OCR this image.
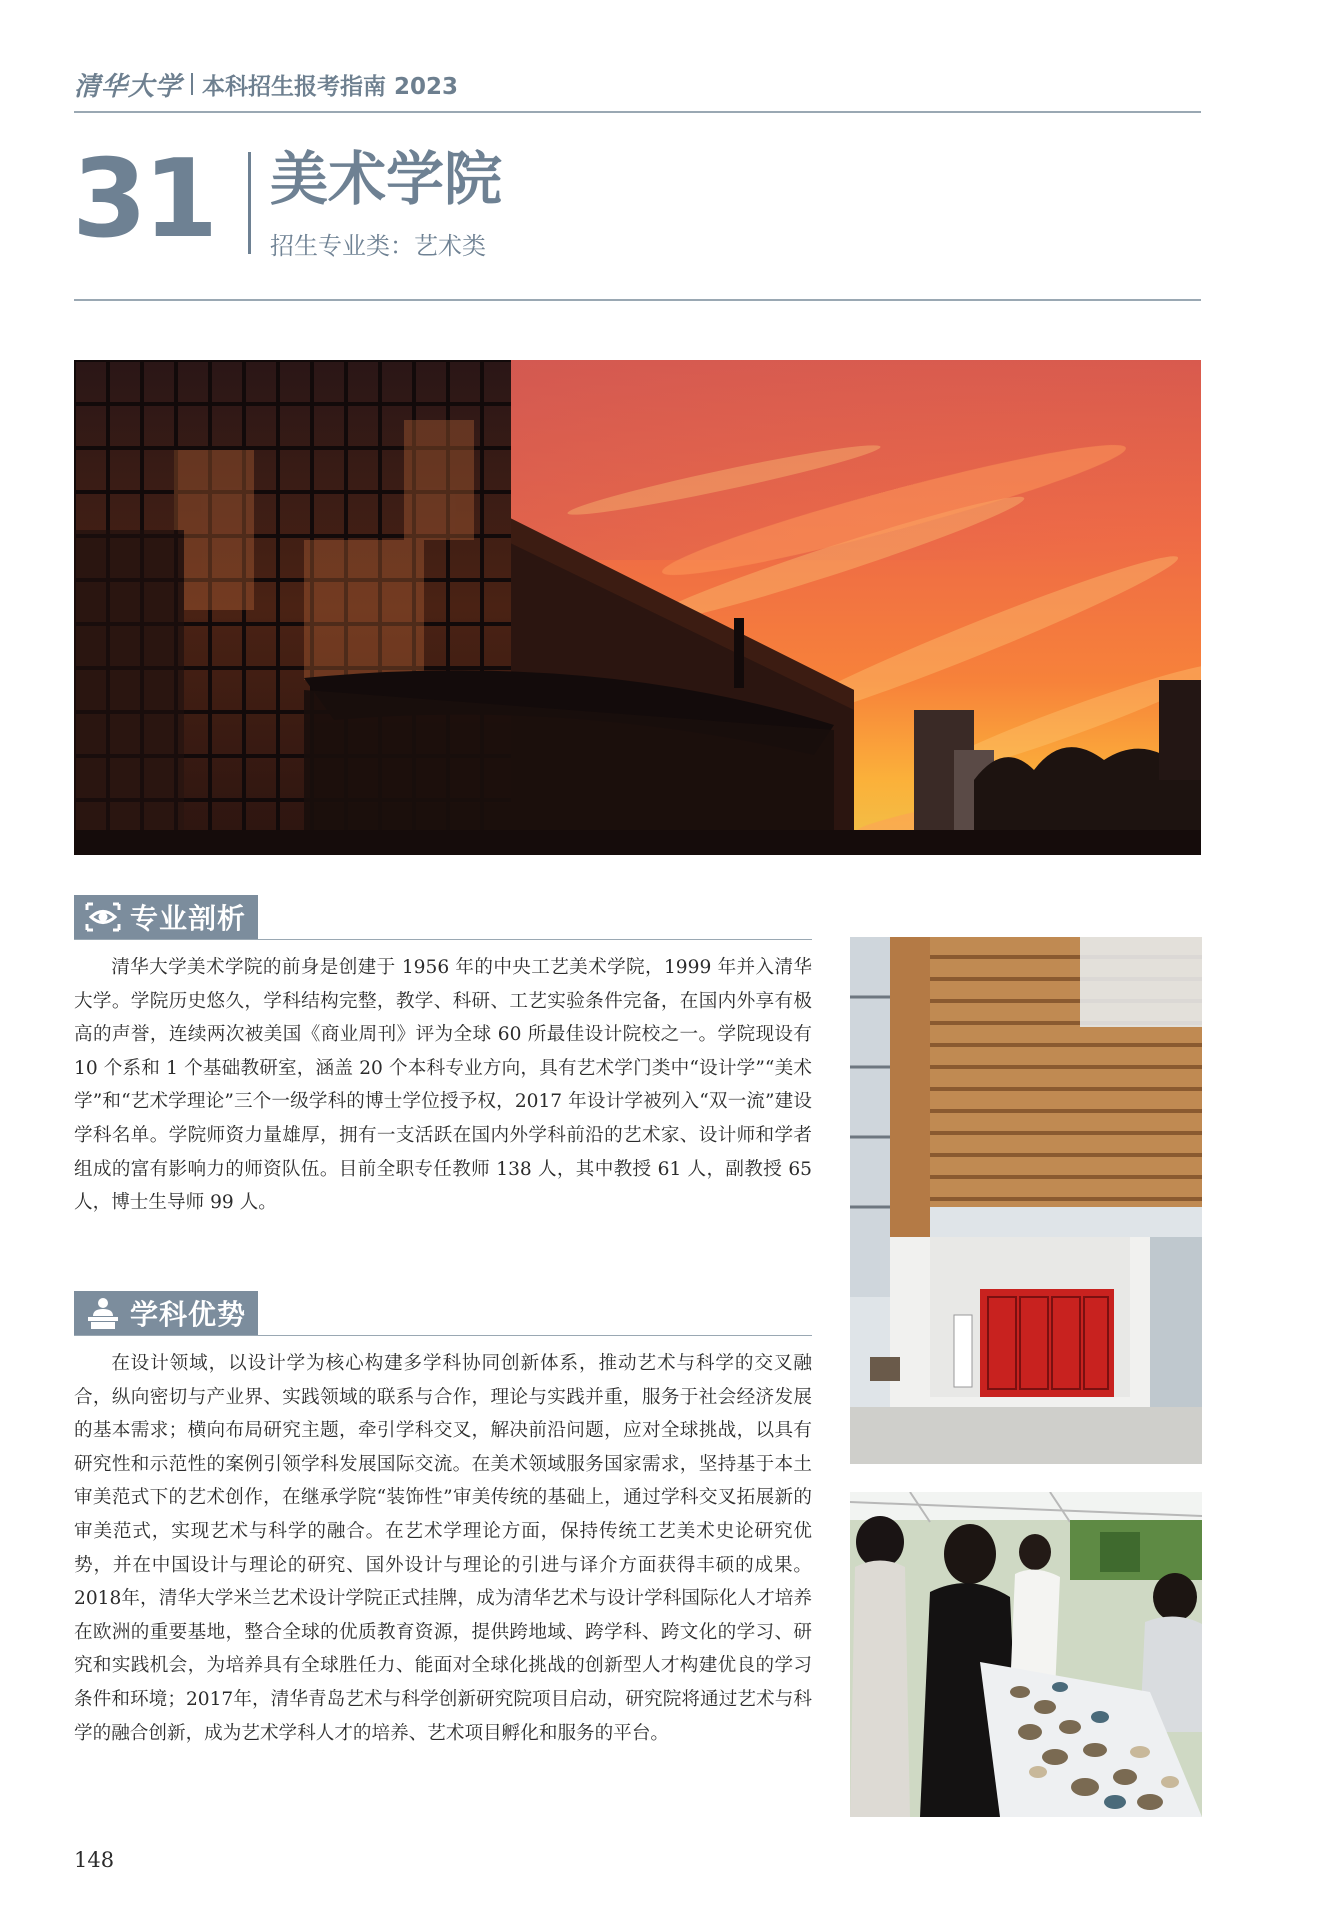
清华大学 本科招生报考指南 2023
31 美术学院
招生专业类：艺术类
专业剖析
清华大学美术学院的前身是创建于 1956 年的中央工艺美术学院，1999 年并入清华大学。学院历史悠久，学科结构完整，教学、科研、工艺实验条件完备，在国内外享有极高的声誉，连续两次被美国《商业周刊》评为全球 60 所最佳设计院校之一。学院现设有 10 个系和 1 个基础教研室，涵盖 20 个本科专业方向，具有艺术学门类中“设计学”“美术学”和“艺术学理论”三个一级学科的博士学位授予权，2017 年设计学被列入“双一流”建设学科名单。学院师资力量雄厚，拥有一支活跃在国内外学科前沿的艺术家、设计师和学者组成的富有影响力的师资队伍。目前全职专任教师 138 人，其中教授 61 人，副教授 65 人，博士生导师 99 人。
学科优势
在设计领域，以设计学为核心构建多学科协同创新体系，推动艺术与科学的交叉融合，纵向密切与产业界、实践领域的联系与合作，理论与实践并重，服务于社会经济发展的基本需求；横向布局研究主题，牵引学科交叉，解决前沿问题，应对全球挑战，以具有研究性和示范性的案例引领学科发展国际交流。在美术领域服务国家需求，坚持基于本土审美范式下的艺术创作，在继承学院“装饰性”审美传统的基础上，通过学科交叉拓展新的审美范式，实现艺术与科学的融合。在艺术学理论方面，保持传统工艺美术史论研究优势，并在中国设计与理论的研究、国外设计与理论的引进与译介方面获得丰硕的成果。2018年，清华大学米兰艺术设计学院正式挂牌，成为清华艺术与设计学科国际化人才培养在欧洲的重要基地，整合全球的优质教育资源，提供跨地域、跨学科、跨文化的学习、研究和实践机会，为培养具有全球胜任力、能面对全球化挑战的创新型人才构建优良的学习条件和环境；2017年，清华青岛艺术与科学创新研究院项目启动，研究院将通过艺术与科学的融合创新，成为艺术学科人才的培养、艺术项目孵化和服务的平台。
148
